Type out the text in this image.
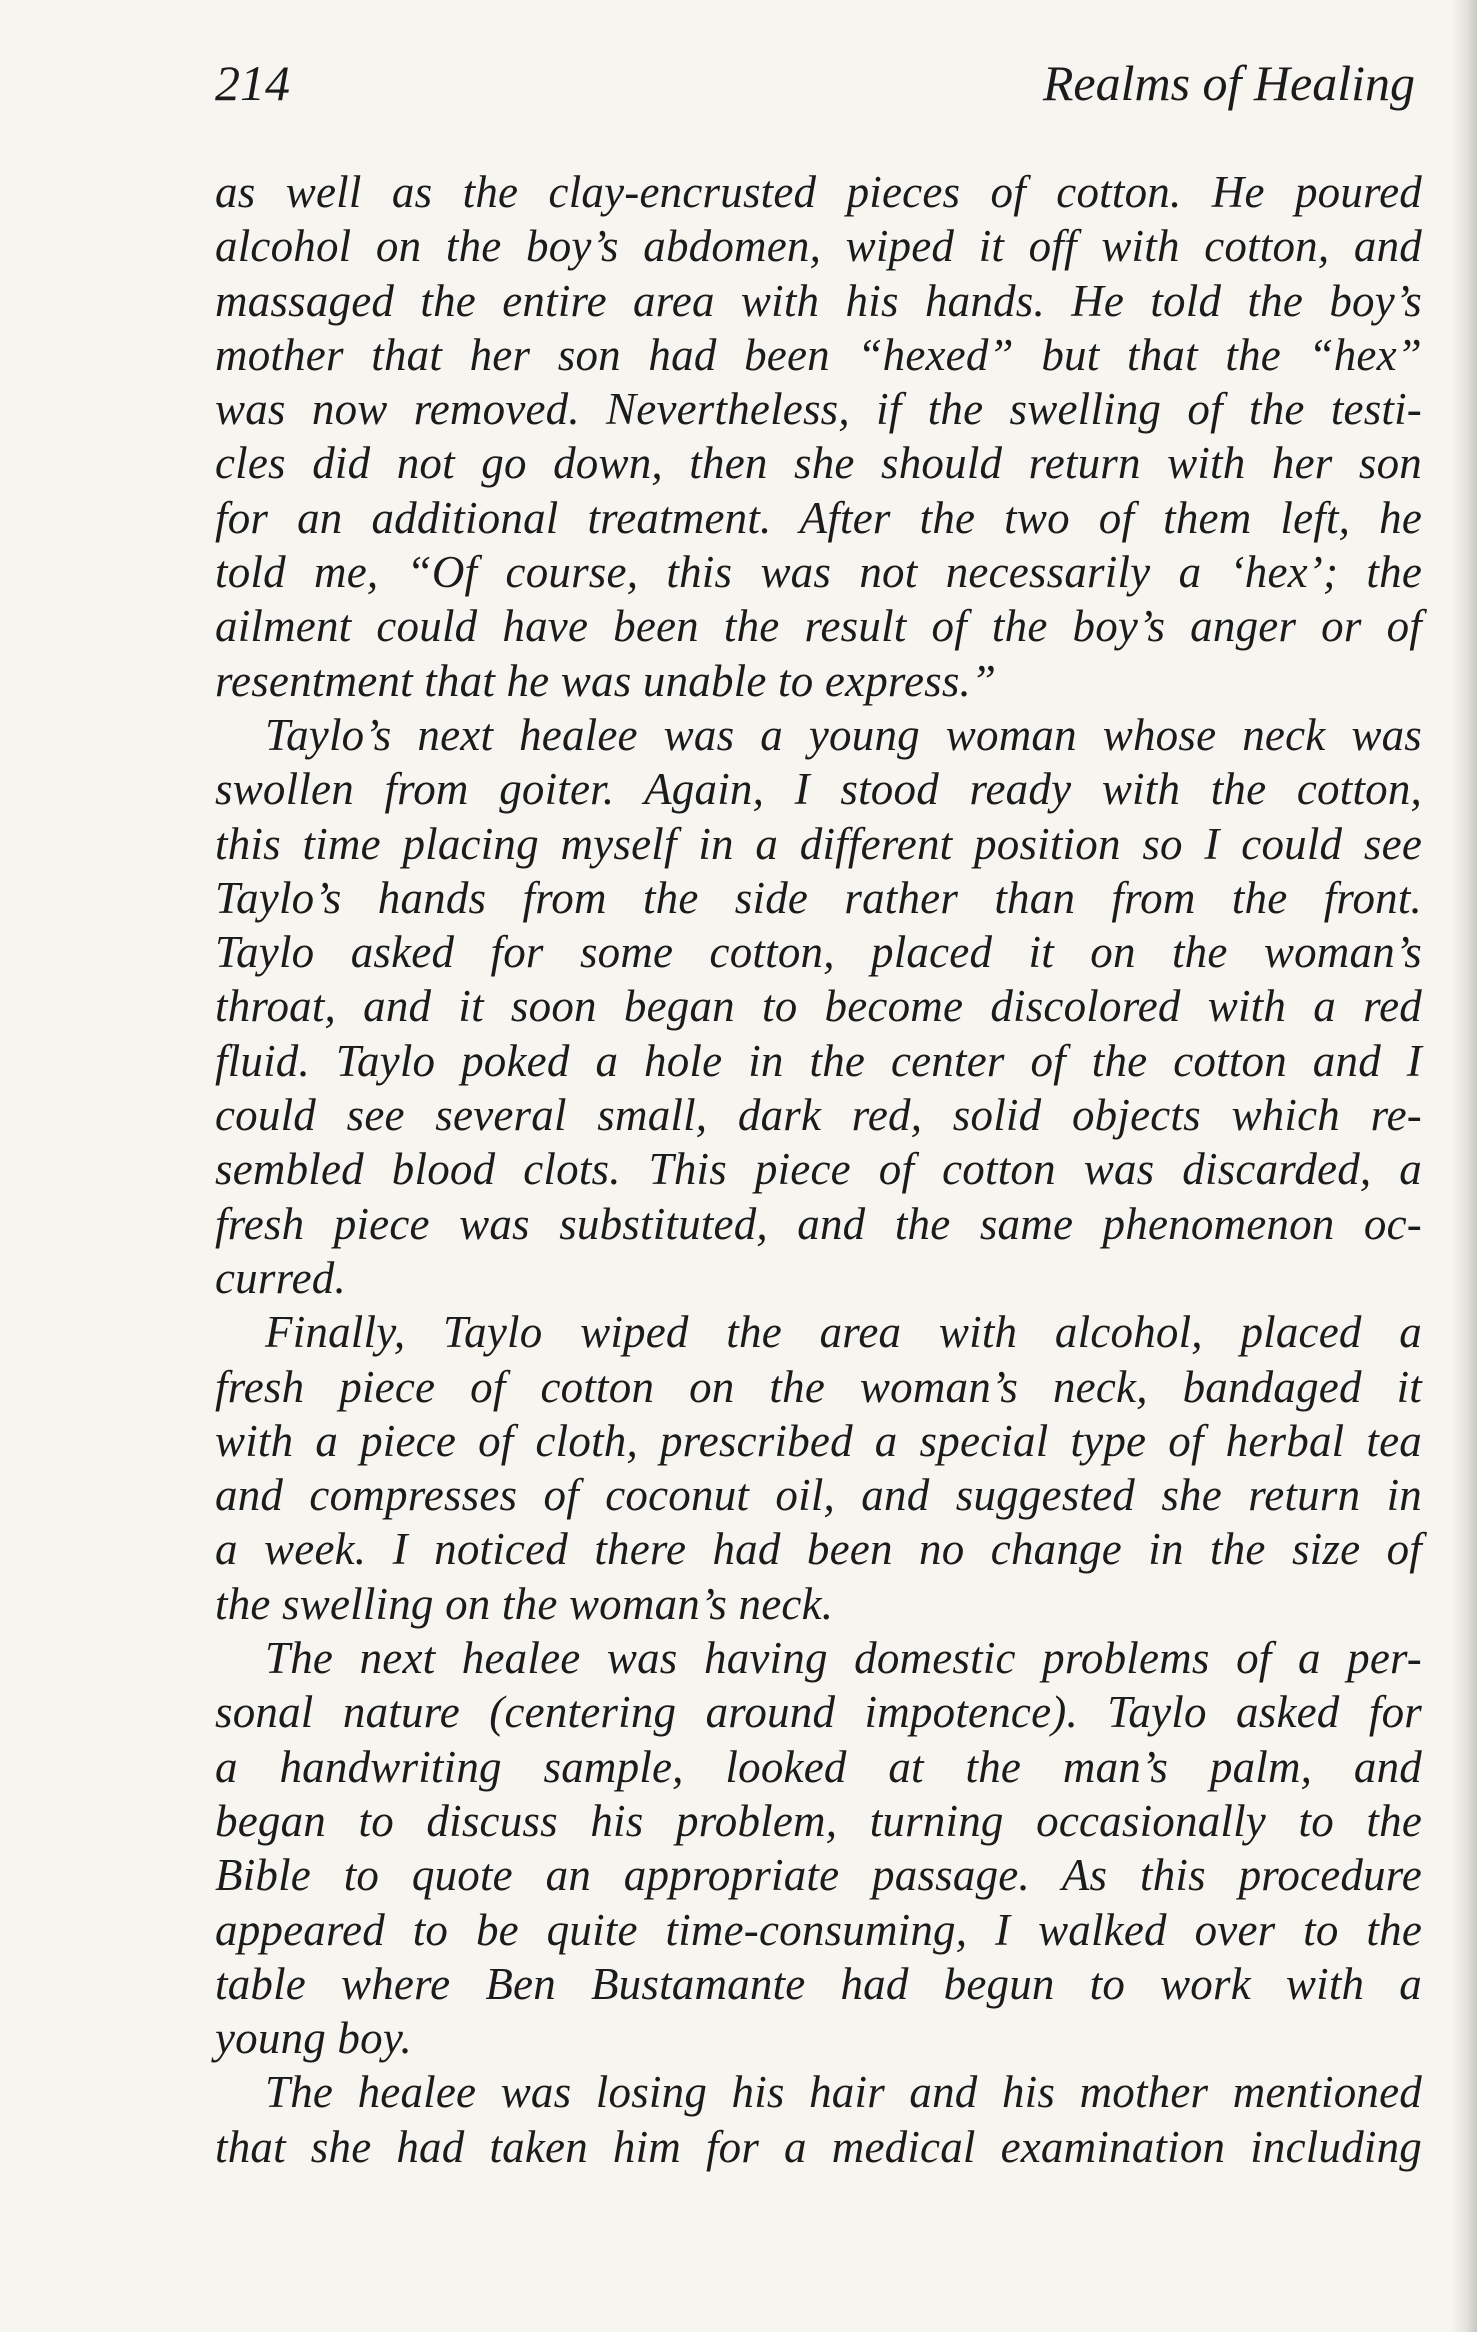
214	Realms of Healing
as well as the clay-encrusted pieces of cotton. He poured
alcohol on the boy’s abdomen, wiped it off with cotton, and
massaged the entire area with his hands. He told the boy’s
mother that her son had been “hexed” but that the “hex”
was now removed. Nevertheless, if the swelling of the testi-
cles did not go down, then she should return with her son
for an additional treatment. After the two of them left, he
told me, “Of course, this was not necessarily a ‘hex’; the
ailment could have been the result of the boy’s anger or of
resentment that he was unable to express.”
Taylo’s next healee was a young woman whose neck was
swollen from goiter. Again, I stood ready with the cotton,
this time placing myself in a different position so I could see
Taylo’s hands from the side rather than from the front.
Taylo asked for some cotton, placed it on the woman’s
throat, and it soon began to become discolored with a red
fluid. Taylo poked a hole in the center of the cotton and I
could see several small, dark red, solid objects which re-
sembled blood clots. This piece of cotton was discarded, a
fresh piece was substituted, and the same phenomenon oc-
curred.
Finally, Taylo wiped the area with alcohol, placed a
fresh piece of cotton on the woman’s neck, bandaged it
with a piece of cloth, prescribed a special type of herbal tea
and compresses of coconut oil, and suggested she return in
a week. I noticed there had been no change in the size of
the swelling on the woman’s neck.
The next healee was having domestic problems of a per-
sonal nature (centering around impotence). Taylo asked for
a handwriting sample, looked at the man’s palm, and
began to discuss his problem, turning occasionally to the
Bible to quote an appropriate passage. As this procedure
appeared to be quite time-consuming, I walked over to the
table where Ben Bustamante had begun to work with a
young boy.
The healee was losing his hair and his mother mentioned
that she had taken him for a medical examination including
